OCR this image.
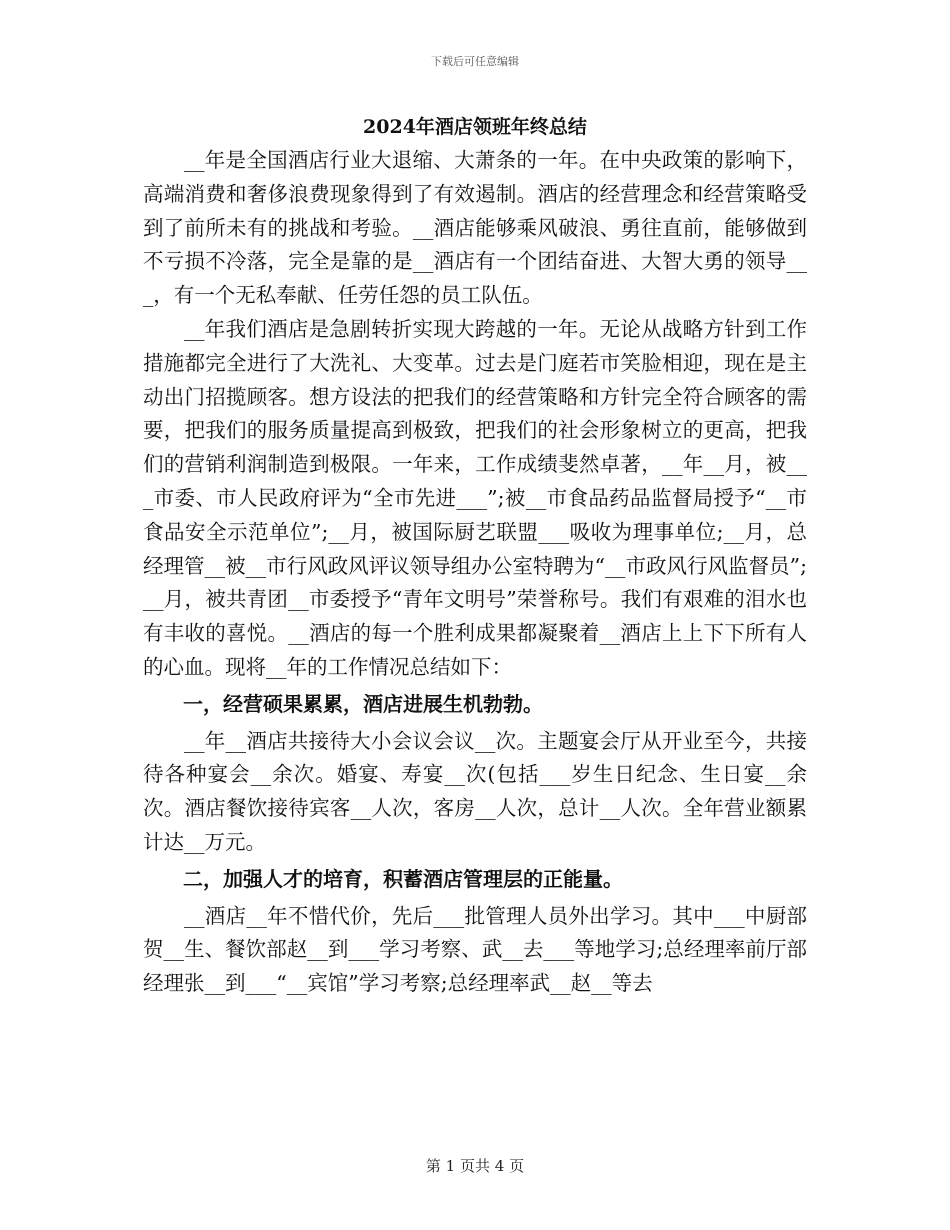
下载后可任意编辑
2024年酒店领班年终总结

__年是全国酒店行业大退缩、大萧条的一年。在中央政策的影响下，高端消费和奢侈浪费现象得到了有效遏制。酒店的经营理念和经营策略受到了前所未有的挑战和考验。__酒店能够乘风破浪、勇往直前，能够做到不亏损不冷落，完全是靠的是__酒店有一个团结奋进、大智大勇的领导___，有一个无私奉献、任劳任怨的员工队伍。

__年我们酒店是急剧转折实现大跨越的一年。无论从战略方针到工作措施都完全进行了大洗礼、大变革。过去是门庭若市笑脸相迎，现在是主动出门招揽顾客。想方设法的把我们的经营策略和方针完全符合顾客的需要，把我们的服务质量提高到极致，把我们的社会形象树立的更高，把我们的营销利润制造到极限。一年来，工作成绩斐然卓著，__年__月，被___市委、市人民政府评为“全市先进___”;被__市食品药品监督局授予“__市食品安全示范单位”;__月，被国际厨艺联盟___吸收为理事单位;__月，总经理管__被__市行风政风评议领导组办公室特聘为“__市政风行风监督员”;__月，被共青团__市委授予“青年文明号”荣誉称号。我们有艰难的泪水也有丰收的喜悦。__酒店的每一个胜利成果都凝聚着__酒店上上下下所有人的心血。现将__年的工作情况总结如下：

一，经营硕果累累，酒店进展生机勃勃。

__年__酒店共接待大小会议会议__次。主题宴会厅从开业至今，共接待各种宴会__余次。婚宴、寿宴__次(包括___岁生日纪念、生日宴__余次。酒店餐饮接待宾客__人次，客房__人次，总计__人次。全年营业额累计达__万元。

二，加强人才的培育，积蓄酒店管理层的正能量。

__酒店__年不惜代价，先后___批管理人员外出学习。其中___中厨部贺__生、餐饮部赵__到___学习考察、武__去___等地学习;总经理率前厅部经理张__到___“__宾馆”学习考察;总经理率武__赵__等去

第 1 页共 4 页
